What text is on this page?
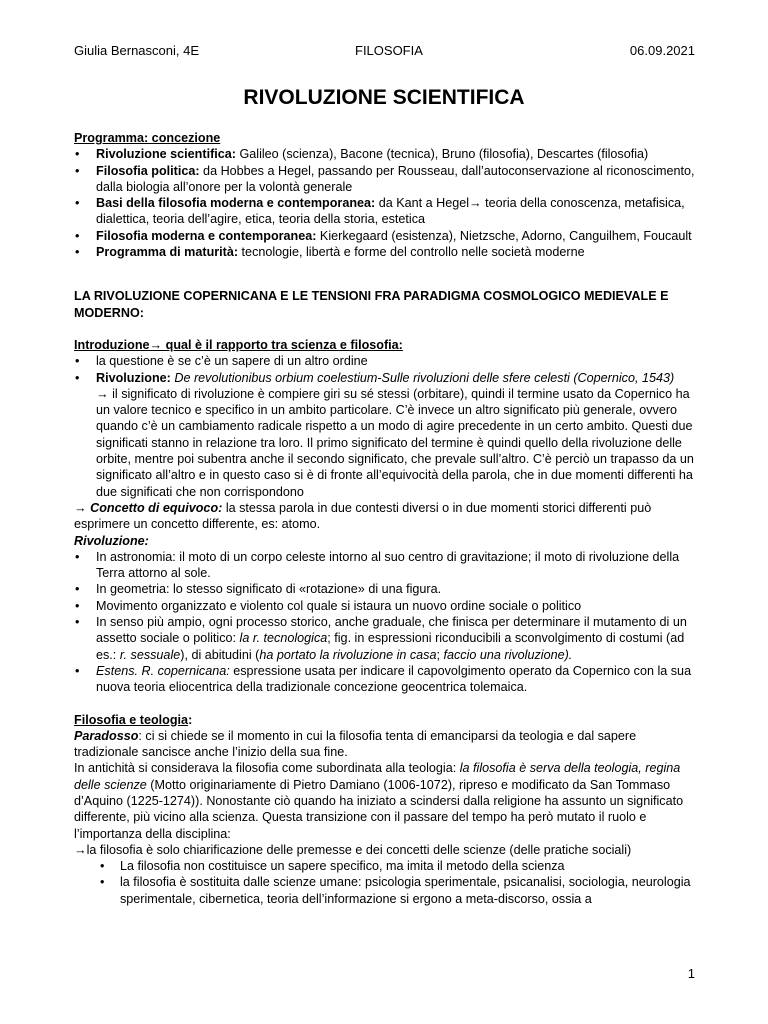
Giulia Bernasconi, 4E	FILOSOFIA	06.09.2021
RIVOLUZIONE SCIENTIFICA

Programma: concezione

• Rivoluzione scientifica: Galileo (scienza), Bacone (tecnica), Bruno (filosofia), Descartes (filosofia)
• Filosofia politica: da Hobbes a Hegel, passando per Rousseau, dall’autoconservazione al riconoscimento, dalla biologia all’onore per la volontà generale
• Basi della filosofia moderna e contemporanea: da Kant a Hegel→ teoria della conoscenza, metafisica, dialettica, teoria dell’agire, etica, teoria della storia, estetica
• Filosofia moderna e contemporanea: Kierkegaard (esistenza), Nietzsche, Adorno, Canguilhem, Foucault
• Programma di maturità: tecnologie, libertà e forme del controllo nelle società moderne

LA RIVOLUZIONE COPERNICANA E LE TENSIONI FRA PARADIGMA COSMOLOGICO MEDIEVALE E MODERNO:

Introduzione→ qual è il rapporto tra scienza e filosofia:

• la questione è se c’è un sapere di un altro ordine
• Rivoluzione: De revolutionibus orbium coelestium-Sulle rivoluzioni delle sfere celesti (Copernico, 1543)
→ il significato di rivoluzione è compiere giri su sé stessi (orbitare), quindi il termine usato da Copernico ha un valore tecnico e specifico in un ambito particolare. C’è invece un altro significato più generale, ovvero quando c’è un cambiamento radicale rispetto a un modo di agire precedente in un certo ambito. Questi due significati stanno in relazione tra loro. Il primo significato del termine è quindi quello della rivoluzione delle orbite, mentre poi subentra anche il secondo significato, che prevale sull’altro. C’è perciò un trapasso da un significato all’altro e in questo caso si è di fronte all’equivocità della parola, che in due momenti differenti ha due significati che non corrispondono

→ Concetto di equivoco: la stessa parola in due contesti diversi o in due momenti storici differenti può esprimere un concetto differente, es: atomo.

Rivoluzione:

• In astronomia: il moto di un corpo celeste intorno al suo centro di gravitazione; il moto di rivoluzione della Terra attorno al sole.
• In geometria: lo stesso significato di «rotazione» di una figura.
• Movimento organizzato e violento col quale si istaura un nuovo ordine sociale o politico
• In senso più ampio, ogni processo storico, anche graduale, che finisca per determinare il mutamento di un assetto sociale o politico: la r. tecnologica; fig. in espressioni riconducibili a sconvolgimento di costumi (ad es.: r. sessuale), di abitudini (ha portato la rivoluzione in casa; faccio una rivoluzione).
• Estens. R. copernicana: espressione usata per indicare il capovolgimento operato da Copernico con la sua nuova teoria eliocentrica della tradizionale concezione geocentrica tolemaica.

Filosofia e teologia:

Paradosso: ci si chiede se il momento in cui la filosofia tenta di emanciparsi da teologia e dal sapere tradizionale sancisce anche l’inizio della sua fine.

In antichità si considerava la filosofia come subordinata alla teologia: la filosofia è serva della teologia, regina delle scienze (Motto originariamente di Pietro Damiano (1006-1072), ripreso e modificato da San Tommaso d’Aquino (1225-1274)). Nonostante ciò quando ha iniziato a scindersi dalla religione ha assunto un significato differente, più vicino alla scienza. Questa transizione con il passare del tempo ha però mutato il ruolo e l’importanza della disciplina:

→la filosofia è solo chiarificazione delle premesse e dei concetti delle scienze (delle pratiche sociali)

• La filosofia non costituisce un sapere specifico, ma imita il metodo della scienza
• la filosofia è sostituita dalle scienze umane: psicologia sperimentale, psicanalisi, sociologia, neurologia sperimentale, cibernetica, teoria dell’informazione si ergono a meta-discorso, ossia a
1
